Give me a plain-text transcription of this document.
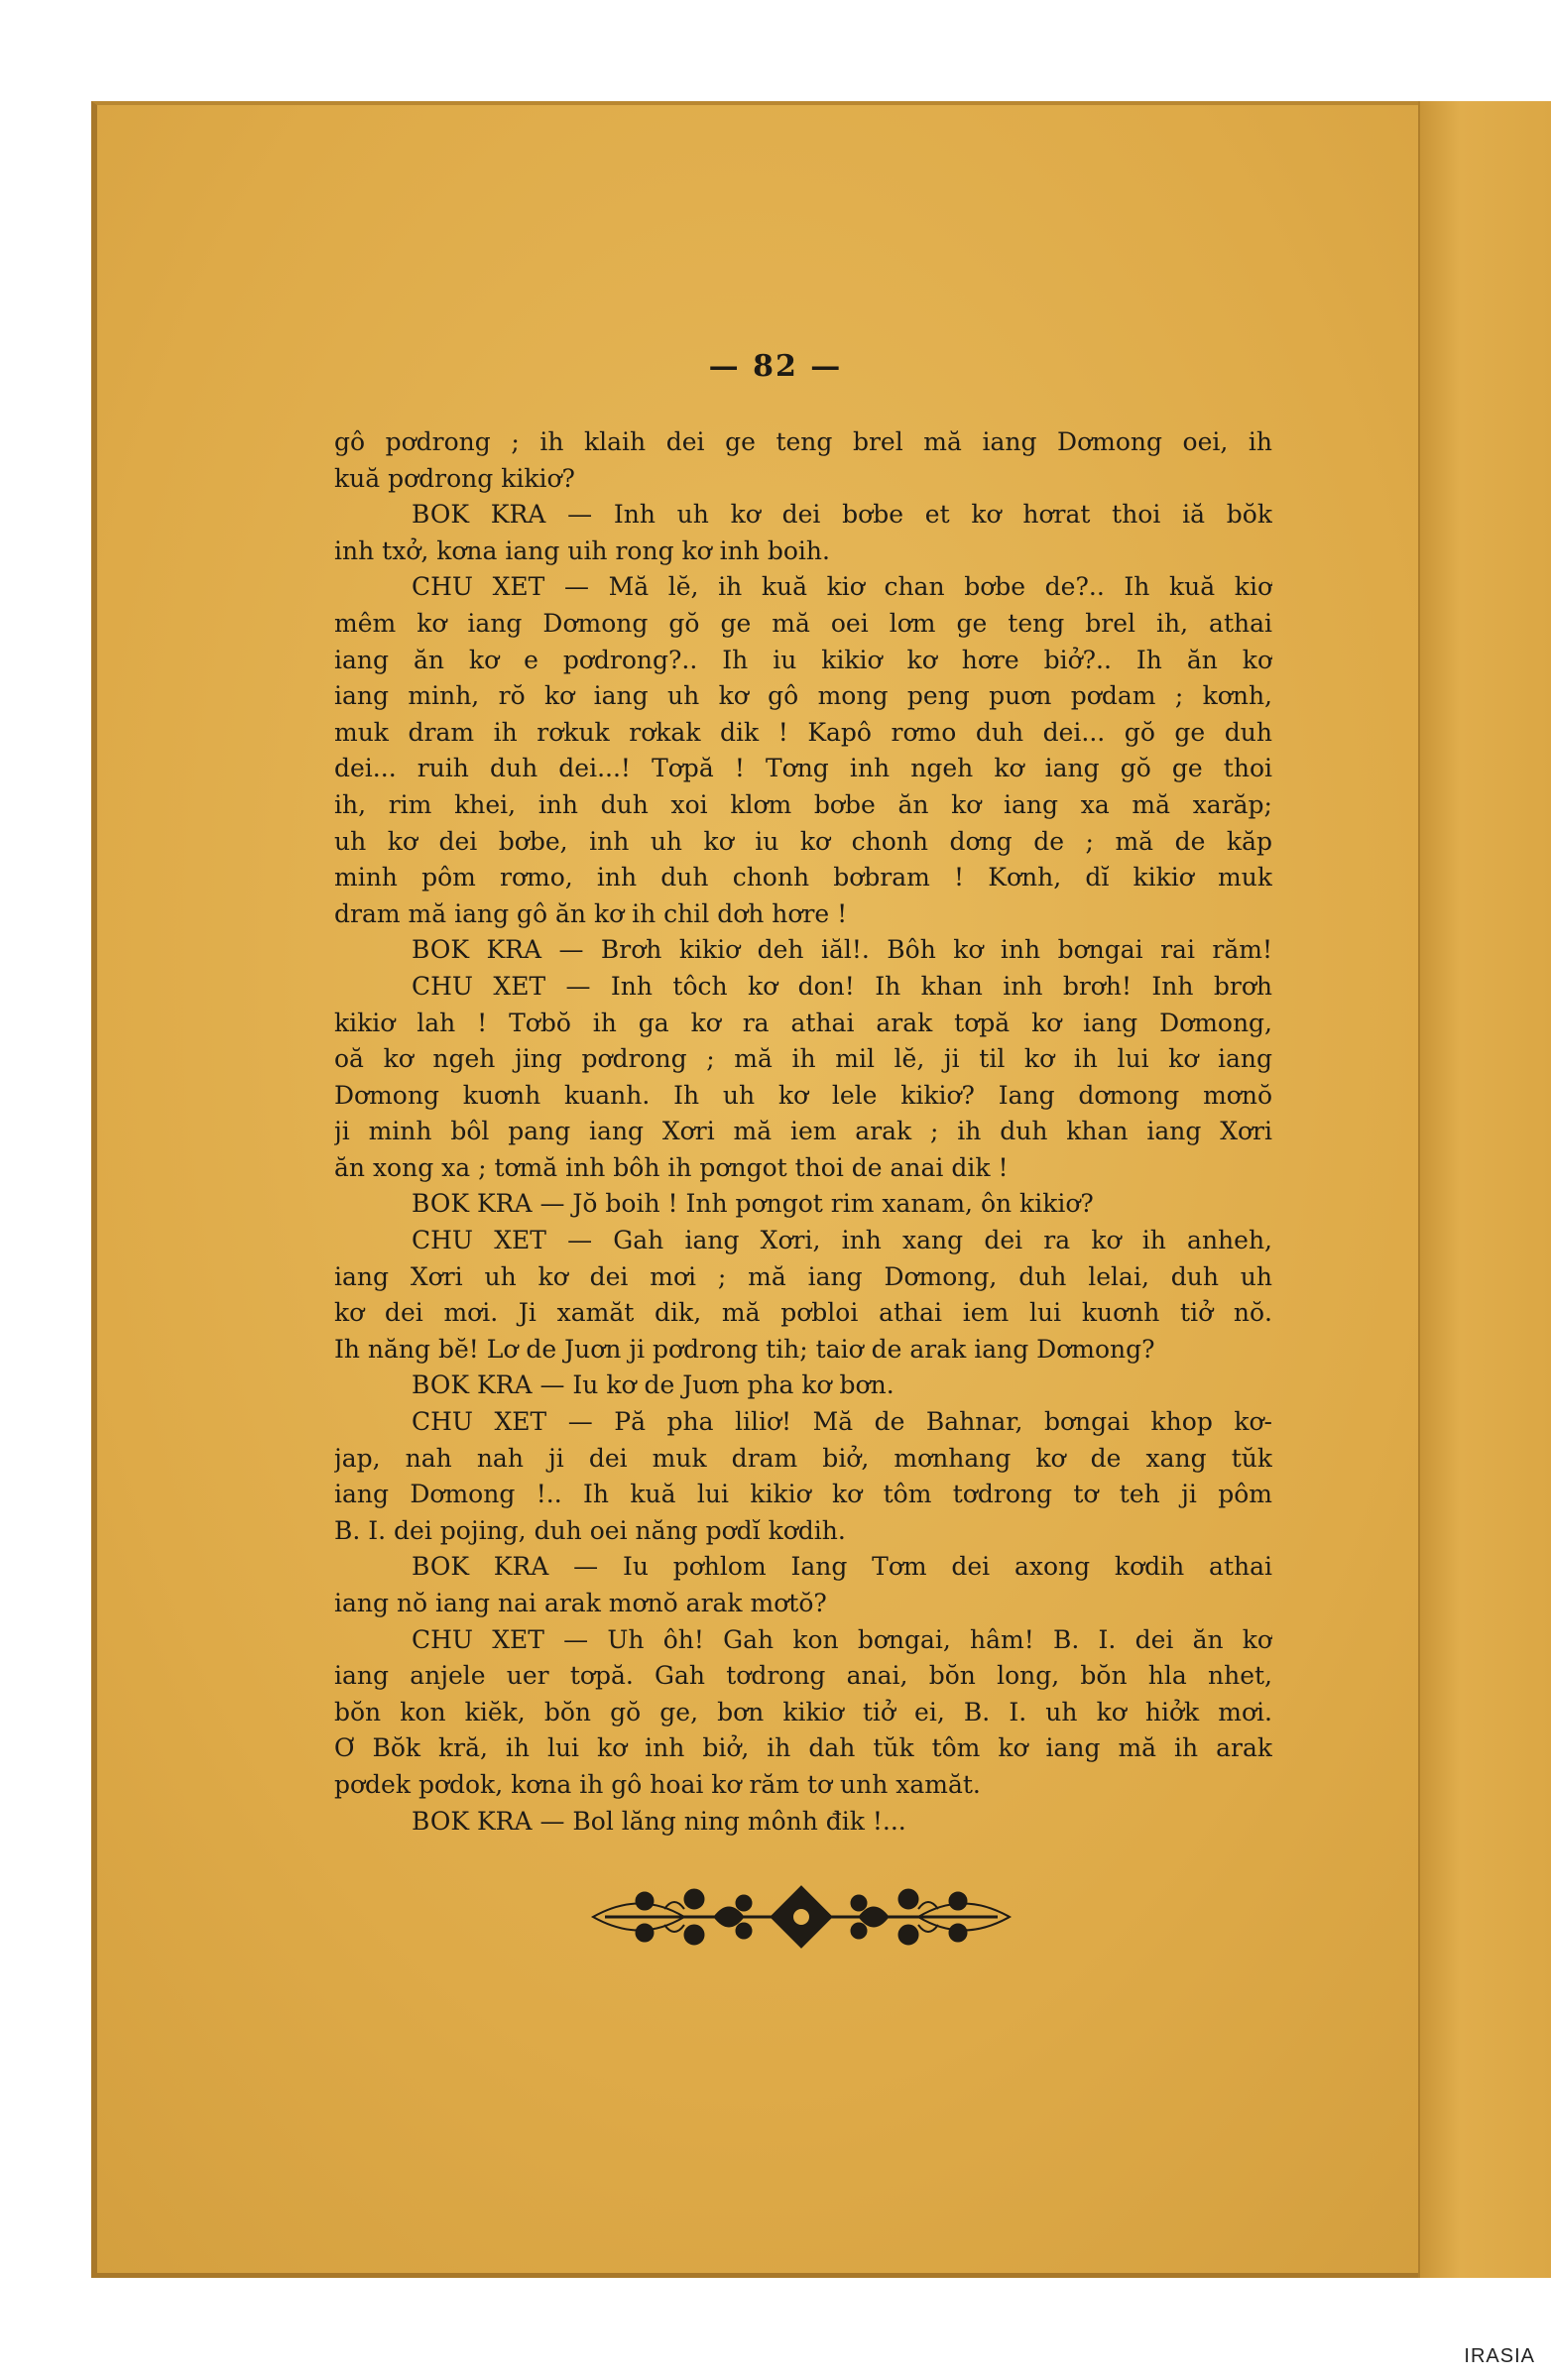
— 82 —
gô pơdrong ; ih klaih dei ge teng brel mă iang Dơmong oei, ih
kuă pơdrong kikiơ?
BOK KRA — Inh uh kơ dei bơbe et kơ hơrat thoi iă bŏk
inh txở, kơna iang uih rong kơ inh boih.
CHU XET — Mă lĕ, ih kuă kiơ chan bơbe de?.. Ih kuă kiơ
mêm kơ iang Dơmong gŏ ge mă oei lơm ge teng brel ih, athai
iang ăn kơ e pơdrong?.. Ih iu kikiơ kơ hơre biở?.. Ih ăn kơ
iang minh, rŏ kơ iang uh kơ gô mong peng puơn pơdam ; kơnh,
muk dram ih rơkuk rơkak dik ! Kapô rơmo duh dei... gŏ ge duh
dei... ruih duh dei...! Tơpă ! Tơng inh ngeh kơ iang gŏ ge thoi
ih, rim khei, inh duh xoi klơm bơbe ăn kơ iang xa mă xarăp;
uh kơ dei bơbe, inh uh kơ iu kơ chonh dơng de ; mă de kăp
minh pôm rơmo, inh duh chonh bơbram ! Kơnh, dĭ kikiơ muk
dram mă iang gô ăn kơ ih chil dơh hơre !
BOK KRA — Brơh kikiơ deh iăl!. Bôh kơ inh bơngai rai răm!
CHU XET — Inh tôch kơ don! Ih khan inh brơh! Inh brơh
kikiơ lah ! Tơbŏ ih ga kơ ra athai arak tơpă kơ iang Dơmong,
oă kơ ngeh jing pơdrong ; mă ih mil lĕ, ji til kơ ih lui kơ iang
Dơmong kuơnh kuanh. Ih uh kơ lele kikiơ? Iang dơmong mơnŏ
ji minh bôl pang iang Xơri mă iem arak ; ih duh khan iang Xơri
ăn xong xa ; tơmă inh bôh ih pơngot thoi de anai dik !
BOK KRA — Jŏ boih ! Inh pơngot rim xanam, ôn kikiơ?
CHU XET — Gah iang Xơri, inh xang dei ra kơ ih anheh,
iang Xơri uh kơ dei mơi ; mă iang Dơmong, duh lelai, duh uh
kơ dei mơi. Ji xamăt dik, mă pơbloi athai iem lui kuơnh tiở nŏ.
Ih năng bĕ! Lơ de Juơn ji pơdrong tih; taiơ de arak iang Dơmong?
BOK KRA — Iu kơ de Juơn pha kơ bơn.
CHU XET — Pă pha liliơ! Mă de Bahnar, bơngai khop kơ-
jap, nah nah ji dei muk dram biở, mơnhang kơ de xang tŭk
iang Dơmong !.. Ih kuă lui kikiơ kơ tôm tơdrong tơ teh ji pôm
B. I. dei pojing, duh oei năng pơdĭ kơdih.
BOK KRA — Iu pơhlom Iang Tơm dei axong kơdih athai
iang nŏ iang nai arak mơnŏ arak mơtŏ?
CHU XET — Uh ôh! Gah kon bơngai, hâm! B. I. dei ăn kơ
iang anjele uer tơpă. Gah tơdrong anai, bŏn long, bŏn hla nhet,
bŏn kon kiĕk, bŏn gŏ ge, bơn kikiơ tiở ei, B. I. uh kơ hiởk mơi.
Ơ Bŏk kră, ih lui kơ inh biở, ih dah tŭk tôm kơ iang mă ih arak
pơdek pơdok, kơna ih gô hoai kơ răm tơ unh xamăt.
BOK KRA — Bol lăng ning mônh đik !...
IRASIA
